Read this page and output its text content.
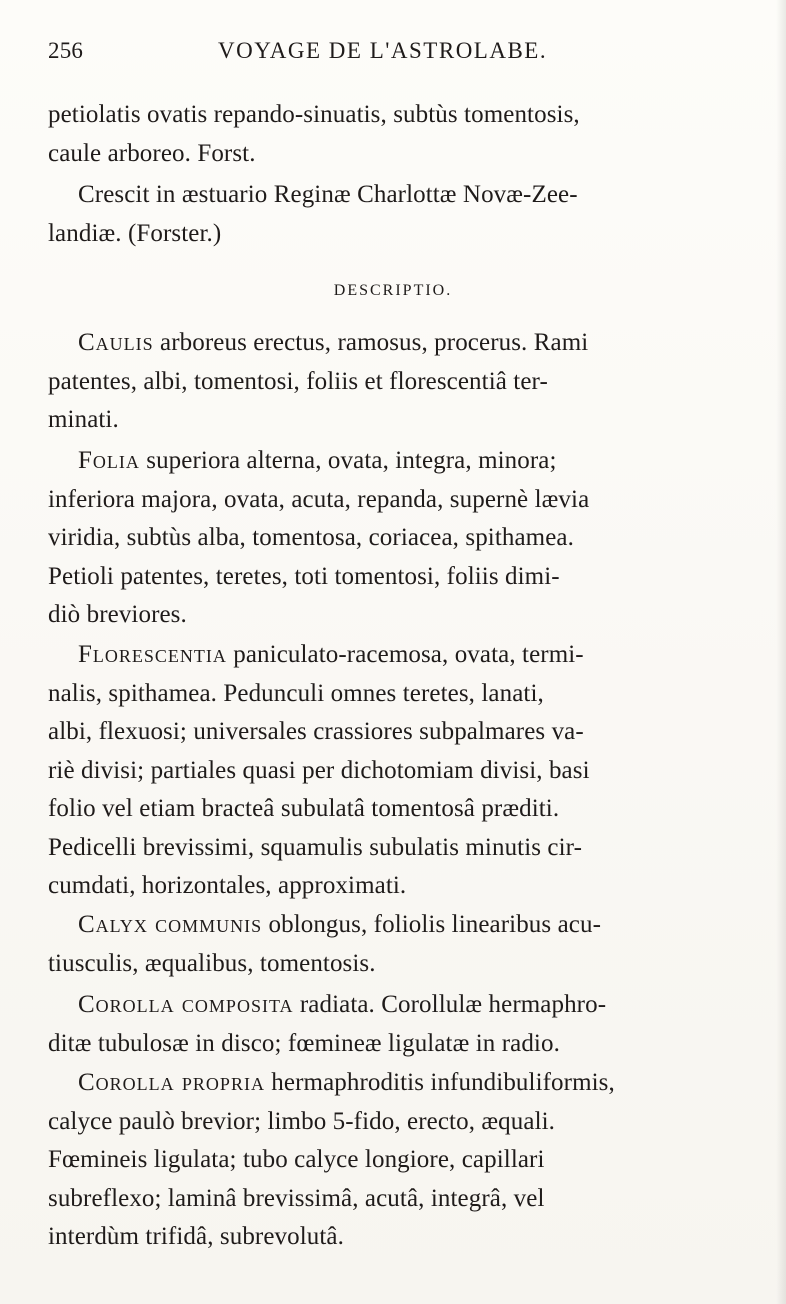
256	VOYAGE DE L'ASTROLABE.
petiolatis ovatis repando-sinuatis, subtùs tomentosis,
caule arboreo. Forst.
Crescit in æstuario Reginæ Charlottæ Novæ-Zee-
landiæ. (Forster.)
DESCRIPTIO.
Caulis arboreus erectus, ramosus, procerus. Rami
patentes, albi, tomentosi, foliis et florescentiâ ter-
minati.
Folia superiora alterna, ovata, integra, minora;
inferiora majora, ovata, acuta, repanda, supernè lævia
viridia, subtùs alba, tomentosa, coriacea, spithamea.
Petioli patentes, teretes, toti tomentosi, foliis dimi-
diò breviores.
Florescentia paniculato-racemosa, ovata, termi-
nalis, spithamea. Pedunculi omnes teretes, lanati,
albi, flexuosi; universales crassiores subpalmares va-
riè divisi; partiales quasi per dichotomiam divisi, basi
folio vel etiam bracteâ subulatâ tomentosâ præditi.
Pedicelli brevissimi, squamulis subulatis minutis cir-
cumdati, horizontales, approximati.
Calyx communis oblongus, foliolis linearibus acu-
tiusculis, æqualibus, tomentosis.
Corolla composita radiata. Corollulæ hermaphro-
ditæ tubulosæ in disco; fœmineæ ligulatæ in radio.
Corolla propria hermaphroditis infundibuliformis,
calyce paulò brevior; limbo 5-fido, erecto, æquali.
Fœmineis ligulata; tubo calyce longiore, capillari
subreflexo; laminâ brevissimâ, acutâ, integrâ, vel
interdùm trifidâ, subrevolutâ.
